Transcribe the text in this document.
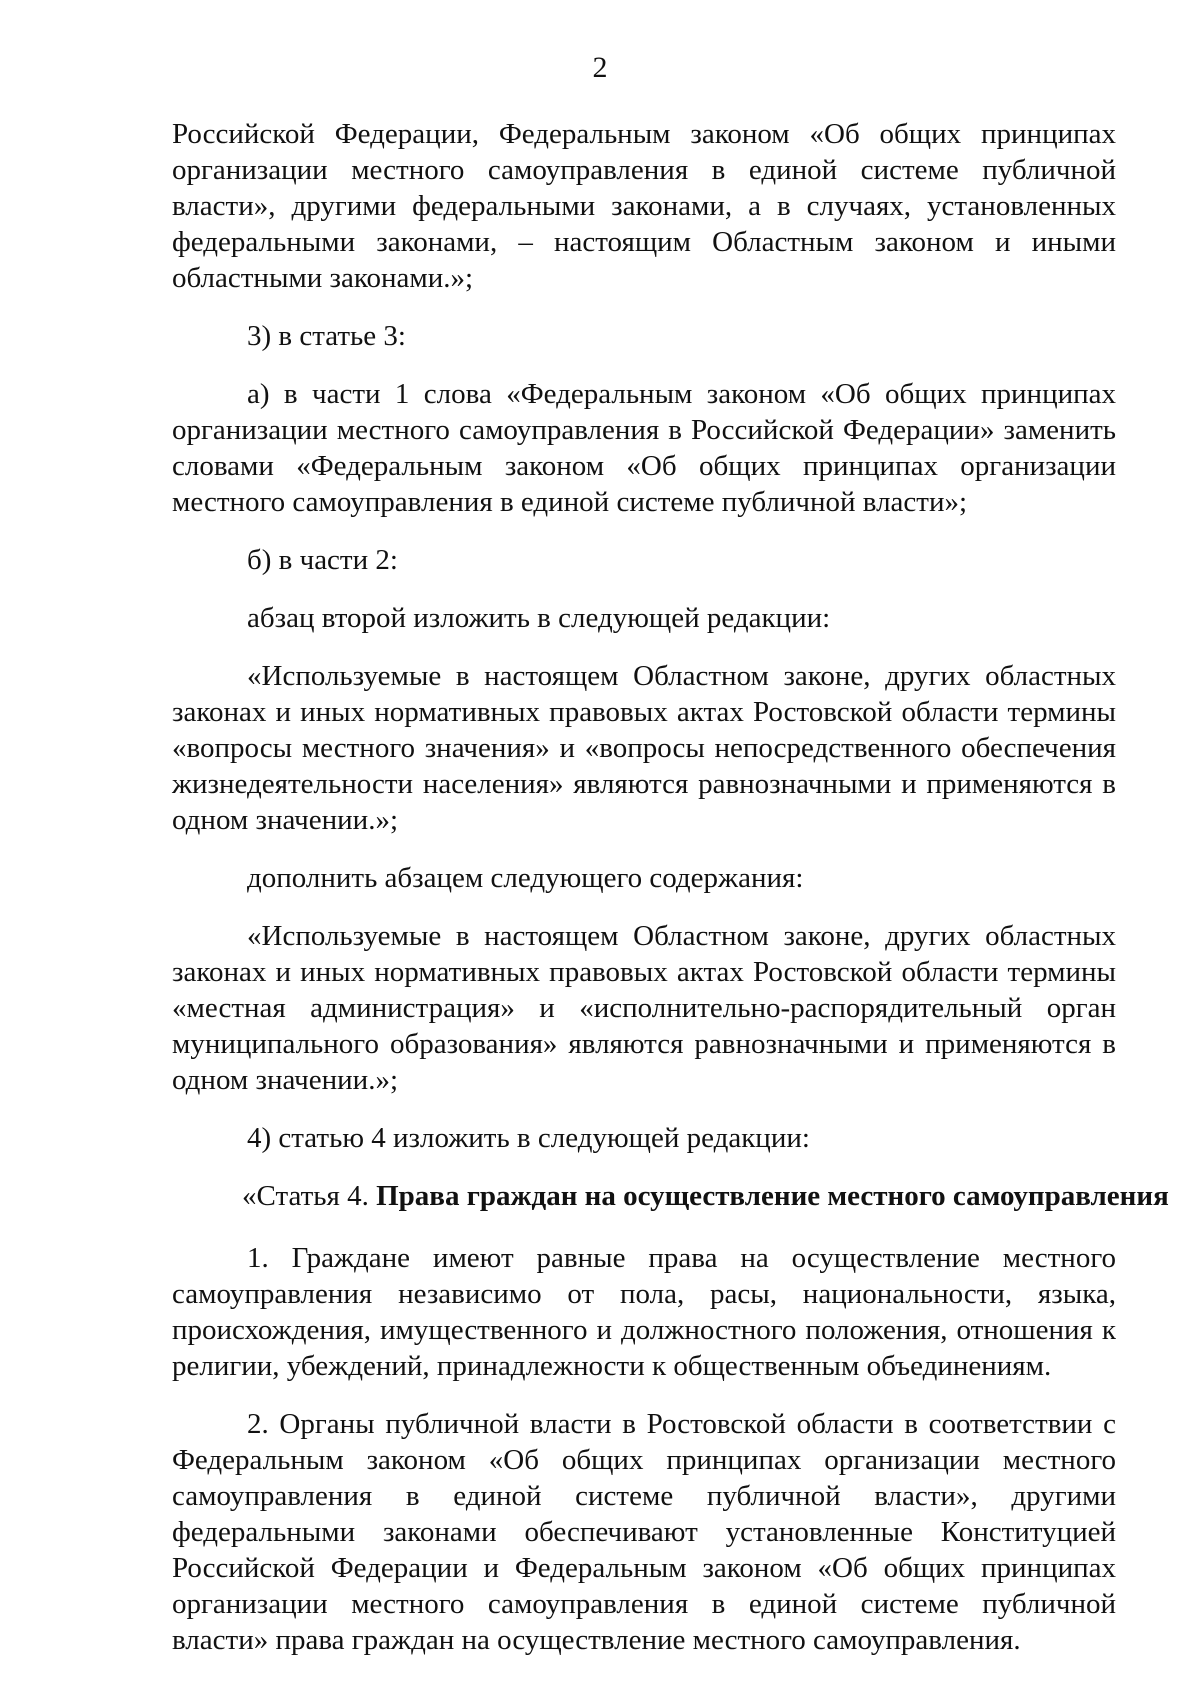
2

Российской Федерации, Федеральным законом «Об общих принципах организации местного самоуправления в единой системе публичной власти», другими федеральными законами, а в случаях, установленных федеральными законами, – настоящим Областным законом и иными областными законами.»;

3) в статье 3:

а) в части 1 слова «Федеральным законом «Об общих принципах организации местного самоуправления в Российской Федерации» заменить словами «Федеральным законом «Об общих принципах организации местного самоуправления в единой системе публичной власти»;

б) в части 2:

абзац второй изложить в следующей редакции:

«Используемые в настоящем Областном законе, других областных законах и иных нормативных правовых актах Ростовской области термины «вопросы местного значения» и «вопросы непосредственного обеспечения жизнедеятельности населения» являются равнозначными и применяются в одном значении.»;

дополнить абзацем следующего содержания:

«Используемые в настоящем Областном законе, других областных законах и иных нормативных правовых актах Ростовской области термины «местная администрация» и «исполнительно-распорядительный орган муниципального образования» являются равнозначными и применяются в одном значении.»;

4) статью 4 изложить в следующей редакции:

«Статья 4. Права граждан на осуществление местного самоуправления

1. Граждане имеют равные права на осуществление местного самоуправления независимо от пола, расы, национальности, языка, происхождения, имущественного и должностного положения, отношения к религии, убеждений, принадлежности к общественным объединениям.

2. Органы публичной власти в Ростовской области в соответствии с Федеральным законом «Об общих принципах организации местного самоуправления в единой системе публичной власти», другими федеральными законами обеспечивают установленные Конституцией Российской Федерации и Федеральным законом «Об общих принципах организации местного самоуправления в единой системе публичной власти» права граждан на осуществление местного самоуправления.
